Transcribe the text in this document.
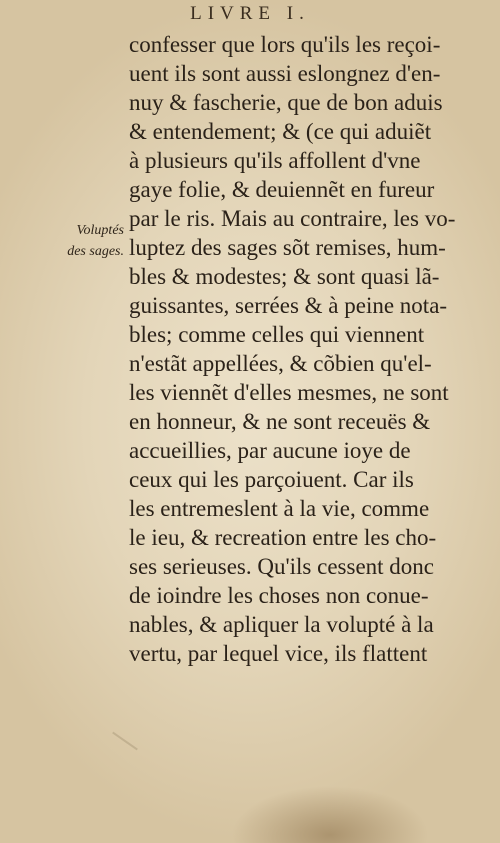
LIVRE I.
Voluptés
des sages.
confesser que lors qu'ils les reçoi-
uent ils sont aussi eslongnez d'en-
nuy & fascherie, que de bon aduis
& entendement; & (ce qui aduiẽt
à plusieurs qu'ils affollent d'vne
gaye folie, & deuiennẽt en fureur
par le ris. Mais au contraire, les vo-
luptez des sages sõt remises, hum-
bles & modestes; & sont quasi lã-
guissantes, serrées & à peine nota-
bles; comme celles qui viennent
n'estãt appellées, & cõbien qu'el-
les viennẽt d'elles mesmes, ne sont
en honneur, & ne sont receuës &
accueillies, par aucune ioye de
ceux qui les parçoiuent. Car ils
les entremeslent à la vie, comme
le ieu, & recreation entre les cho-
ses serieuses. Qu'ils cessent donc
de ioindre les choses non conue-
nables, & apliquer la volupté à la
vertu, par lequel vice, ils flattent
